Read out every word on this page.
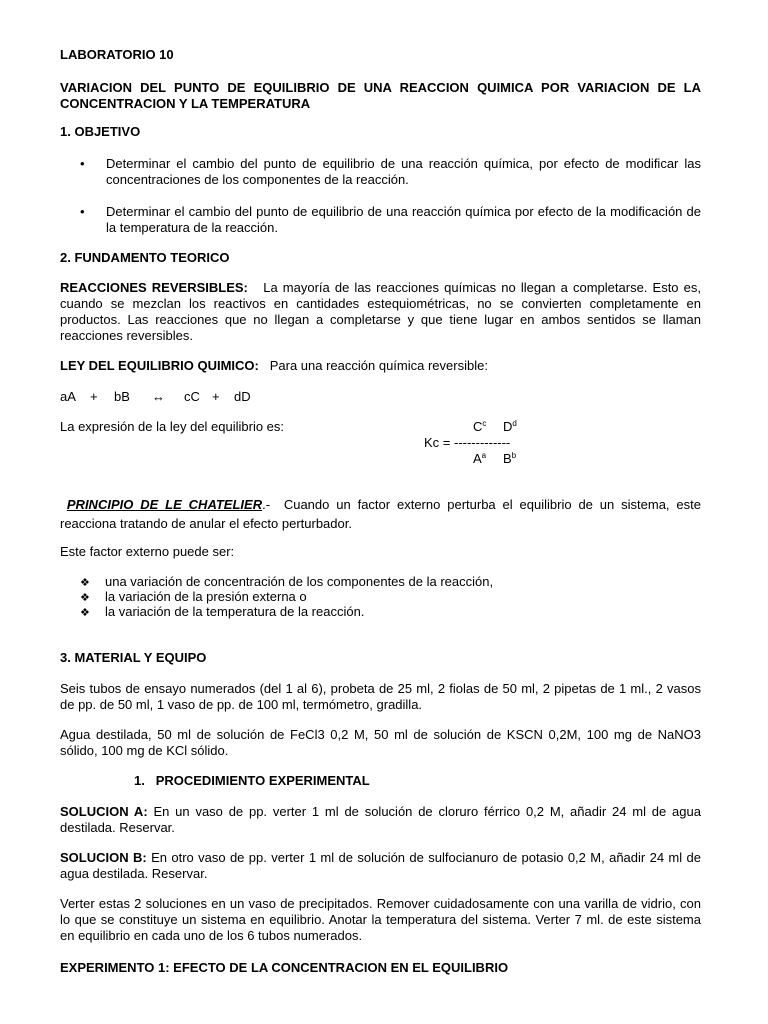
LABORATORIO 10

VARIACION DEL PUNTO DE EQUILIBRIO DE UNA REACCION QUIMICA POR VARIACION DE LA CONCENTRACION Y LA TEMPERATURA

1. OBJETIVO

• Determinar el cambio del punto de equilibrio de una reacción química, por efecto de modificar las concentraciones de los componentes de la reacción.

• Determinar el cambio del punto de equilibrio de una reacción química por efecto de la modificación de la temperatura de la reacción.

2. FUNDAMENTO TEORICO

REACCIONES REVERSIBLES: La mayoría de las reacciones químicas no llegan a completarse. Esto es, cuando se mezclan los reactivos en cantidades estequiométricas, no se convierten completamente en productos. Las reacciones que no llegan a completarse y que tiene lugar en ambos sentidos se llaman reacciones reversibles.

LEY DEL EQUILIBRIO QUIMICO: Para una reacción química reversible:

aA + bB ↔ cC + dD

La expresión de la ley del equilibrio es:	$C^c$ $D^d$
Kc = -------------
$A^a$ $B^b$

PRINCIPIO DE LE CHATELIER.- Cuando un factor externo perturba el equilibrio de un sistema, este reacciona tratando de anular el efecto perturbador.

Este factor externo puede ser:

❖ una variación de concentración de los componentes de la reacción,

❖ la variación de la presión externa o

❖ la variación de la temperatura de la reacción.

3. MATERIAL Y EQUIPO

Seis tubos de ensayo numerados (del 1 al 6), probeta de 25 ml, 2 fiolas de 50 ml, 2 pipetas de 1 ml., 2 vasos de pp. de 50 ml, 1 vaso de pp. de 100 ml, termómetro, gradilla.

Agua destilada, 50 ml de solución de FeCl3 0,2 M, 50 ml de solución de KSCN 0,2M, 100 mg de NaNO3 sólido, 100 mg de KCl sólido.

1. PROCEDIMIENTO EXPERIMENTAL

SOLUCION A: En un vaso de pp. verter 1 ml de solución de cloruro férrico 0,2 M, añadir 24 ml de agua destilada. Reservar.

SOLUCION B: En otro vaso de pp. verter 1 ml de solución de sulfocianuro de potasio 0,2 M, añadir 24 ml de agua destilada. Reservar.

Verter estas 2 soluciones en un vaso de precipitados. Remover cuidadosamente con una varilla de vidrio, con lo que se constituye un sistema en equilibrio. Anotar la temperatura del sistema. Verter 7 ml. de este sistema en equilibrio en cada uno de los 6 tubos numerados.

EXPERIMENTO 1: EFECTO DE LA CONCENTRACION EN EL EQUILIBRIO
